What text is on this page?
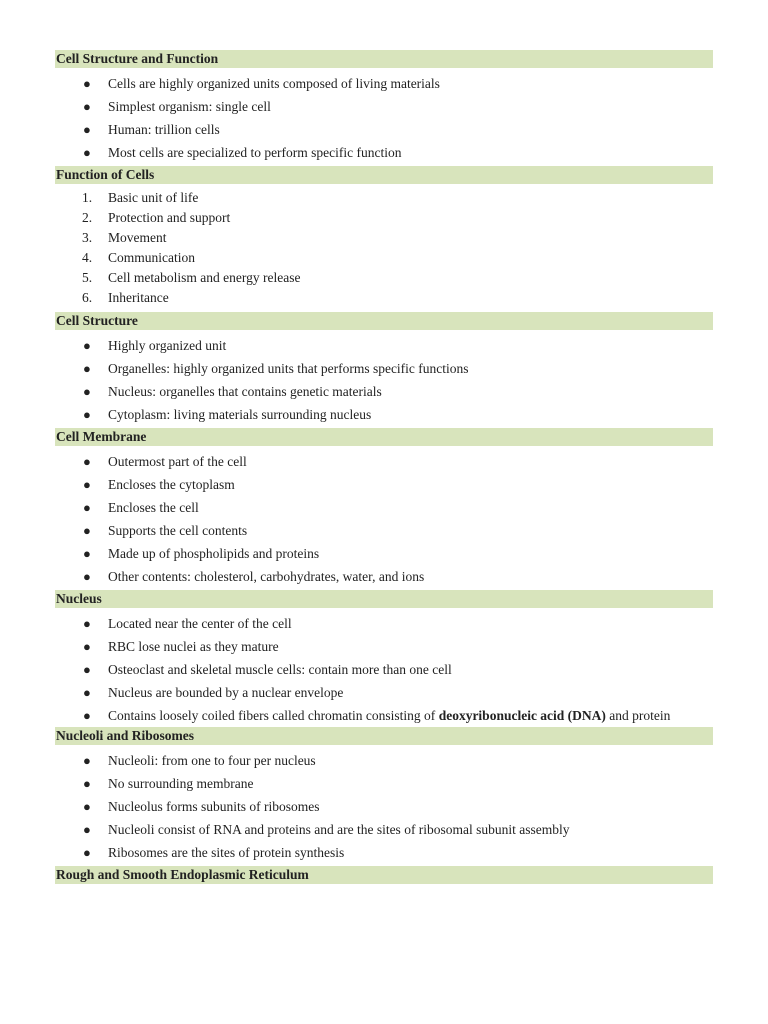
Cell Structure and Function
● Cells are highly organized units composed of living materials
● Simplest organism: single cell
● Human: trillion cells
● Most cells are specialized to perform specific function
Function of Cells
1. Basic unit of life
2. Protection and support
3. Movement
4. Communication
5. Cell metabolism and energy release
6. Inheritance
Cell Structure
● Highly organized unit
● Organelles: highly organized units that performs specific functions
● Nucleus: organelles that contains genetic materials
● Cytoplasm: living materials surrounding nucleus
Cell Membrane
● Outermost part of the cell
● Encloses the cytoplasm
● Encloses the cell
● Supports the cell contents
● Made up of phospholipids and proteins
● Other contents: cholesterol, carbohydrates, water, and ions
Nucleus
● Located near the center of the cell
● RBC lose nuclei as they mature
● Osteoclast and skeletal muscle cells: contain more than one cell
● Nucleus are bounded by a nuclear envelope
● Contains loosely coiled fibers called chromatin consisting of deoxyribonucleic acid (DNA) and protein
Nucleoli and Ribosomes
● Nucleoli: from one to four per nucleus
● No surrounding membrane
● Nucleolus forms subunits of ribosomes
● Nucleoli consist of RNA and proteins and are the sites of ribosomal subunit assembly
● Ribosomes are the sites of protein synthesis
Rough and Smooth Endoplasmic Reticulum
